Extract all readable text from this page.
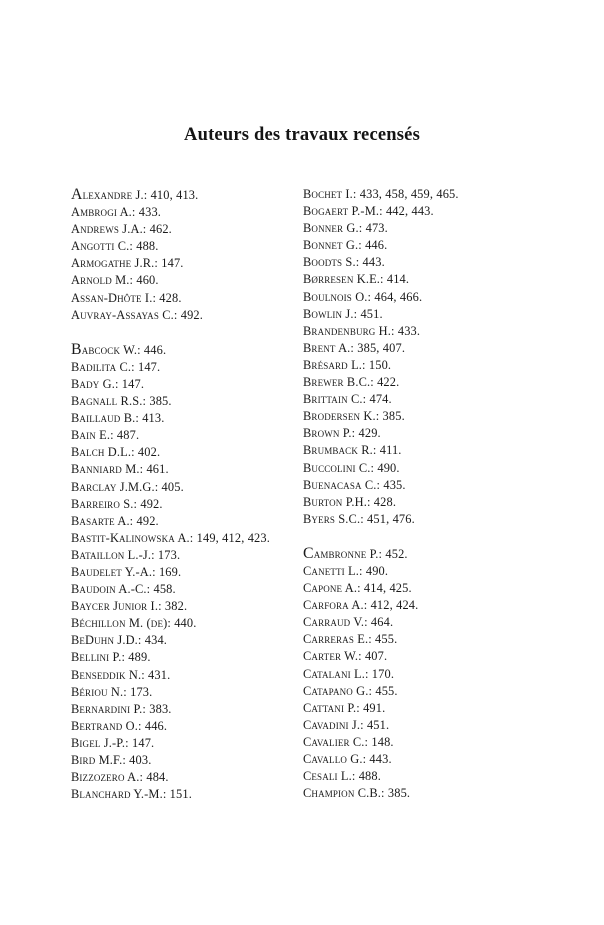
Auteurs des travaux recensés
Alexandre J.: 410, 413.
Ambrogi A.: 433.
Andrews J.A.: 462.
Angotti C.: 488.
Armogathe J.R.: 147.
Arnold M.: 460.
Assan-Dhôte I.: 428.
Auvray-Assayas C.: 492.
Babcock W.: 446.
Badilita C.: 147.
Bady G.: 147.
Bagnall R.S.: 385.
Baillaud B.: 413.
Bain E.: 487.
Balch D.L.: 402.
Banniard M.: 461.
Barclay J.M.G.: 405.
Barreiro S.: 492.
Basarte A.: 492.
Bastit-Kalinowska A.: 149, 412, 423.
Bataillon L.-J.: 173.
Baudelet Y.-A.: 169.
Baudoin A.-C.: 458.
Baycer Junior I.: 382.
Béchillon M. (de): 440.
BeDuhn J.D.: 434.
Bellini P.: 489.
Benseddik N.: 431.
Bériou N.: 173.
Bernardini P.: 383.
Bertrand O.: 446.
Bigel J.-P.: 147.
Bird M.F.: 403.
Bizzozero A.: 484.
Blanchard Y.-M.: 151.
Bochet I.: 433, 458, 459, 465.
Bogaert P.-M.: 442, 443.
Bonner G.: 473.
Bonnet G.: 446.
Boodts S.: 443.
Børresen K.E.: 414.
Boulnois O.: 464, 466.
Bowlin J.: 451.
Brandenburg H.: 433.
Brent A.: 385, 407.
Brésard L.: 150.
Brewer B.C.: 422.
Brittain C.: 474.
Brodersen K.: 385.
Brown P.: 429.
Brumback R.: 411.
Buccolini C.: 490.
Buenacasa C.: 435.
Burton P.H.: 428.
Byers S.C.: 451, 476.
Cambronne P.: 452.
Canetti L.: 490.
Capone A.: 414, 425.
Carfora A.: 412, 424.
Carraud V.: 464.
Carreras E.: 455.
Carter W.: 407.
Catalani L.: 170.
Catapano G.: 455.
Cattani P.: 491.
Cavadini J.: 451.
Cavalier C.: 148.
Cavallo G.: 443.
Cesali L.: 488.
Champion C.B.: 385.
